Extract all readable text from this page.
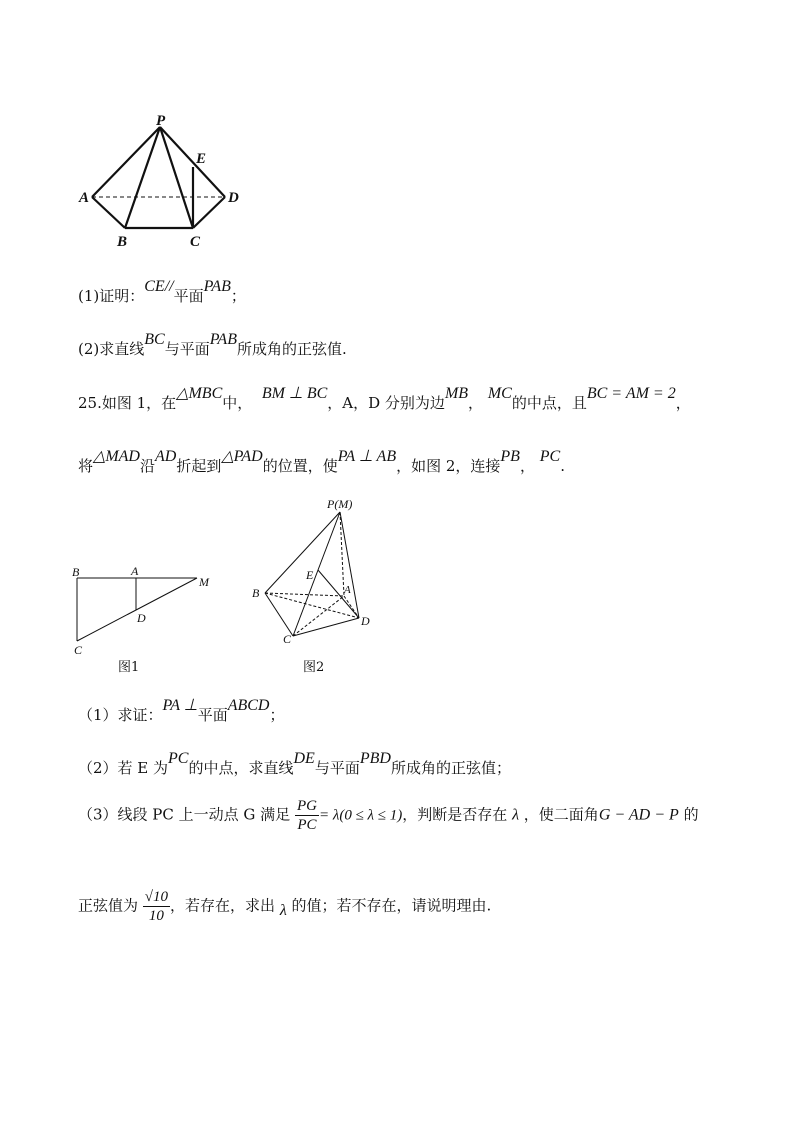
P
E
A	D
B	C
(1)证明：CE//平面PAB；
(2)求直线BC与平面PAB所成角的正弦值.
25.如图 1，在△MBC中，  BM ⊥ BC，A，D 分别为边MB， MC的中点，且BC = AM = 2，
将△MAD沿AD折起到△PAD的位置，使PA ⊥ AB，如图 2，连接PB， PC.
B	A
M
D
C
图1
P(M)
E
A
B
D
C
图2
（1）求证：PA ⊥平面ABCD；
（2）若 E 为PC的中点，求直线DE与平面PBD所成角的正弦值；
（3）线段 PC 上一动点 G 满足 $\frac{PG}{PC} = \lambda(0 \le \lambda \le 1)$，判断是否存在 λ ，使二面角G − AD − P 的
正弦值为 $\frac{√10}{10}$ ，若存在，求出 λ 的值；若不存在，请说明理由.
